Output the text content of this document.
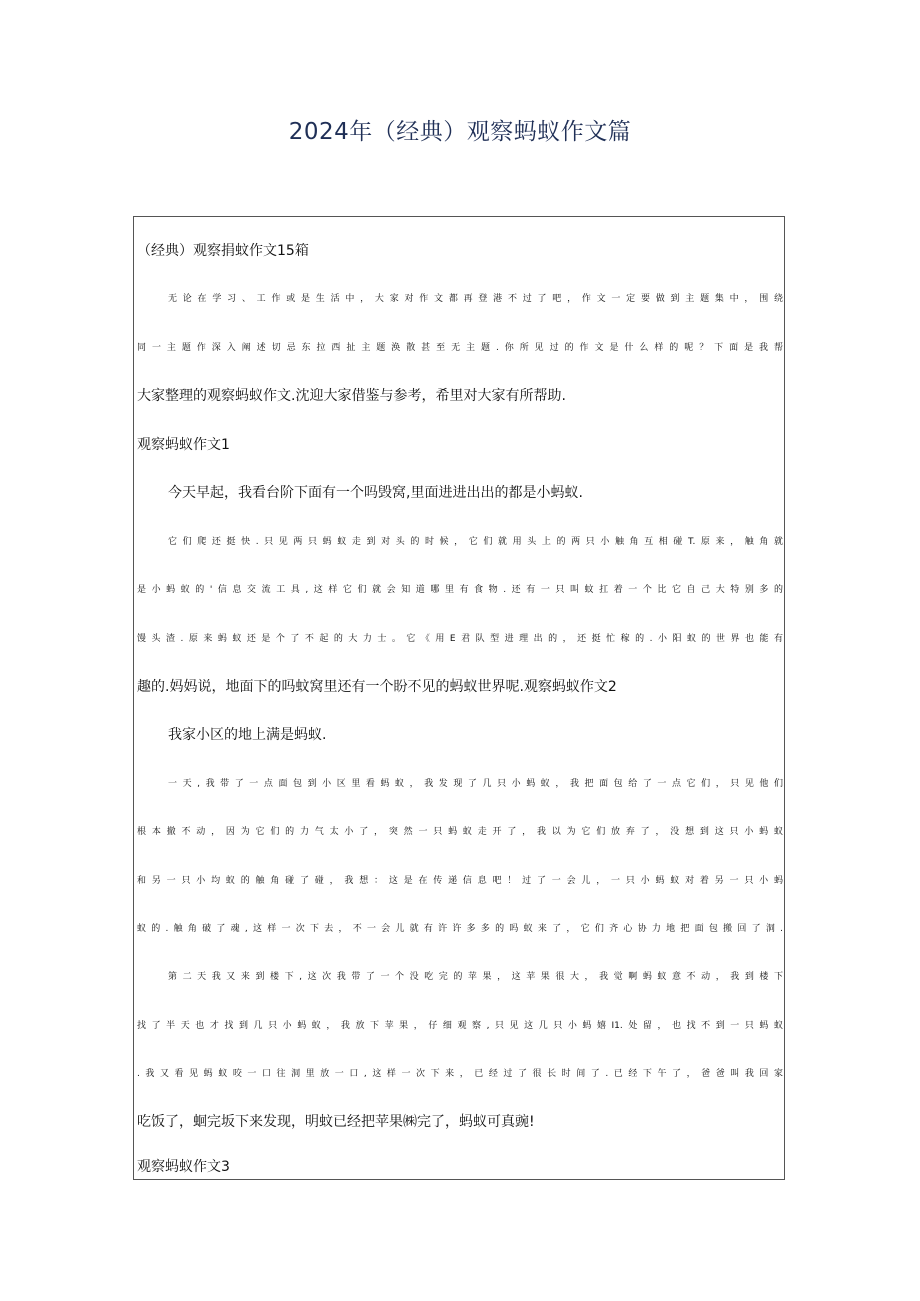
2024年（经典）观察蚂蚁作文篇
（经典）观察捐蚊作文15箱
无论在学习、工作或是生活中，大家对作文都再登港不过了吧，作文一定要做到主题集中，围绕
同一主题作深入阐述切忌东拉西扯主题涣散甚至无主题.你所见过的作文是什么样的呢？下面是我帮
大家整理的观察蚂蚁作文.沈迎大家借鉴与参考，希里对大家有所帮助.
观察蚂蚁作文1
今天早起，我看台阶下面有一个吗毁窝,里面进进出出的都是小蚂蚁.
它们爬还挺快.只见两只蚂蚁走到对头的时候，它们就用头上的两只小触角互相碰T.原来，触角就
是小蚂蚁的'信息交流工具,这样它们就会知道哪里有食物.还有一只叫蚊扛着一个比它自己大特别多的
馒头渣.原来蚂蚁还是个了不起的大力士。它《用E君队型进理出的，还挺忙稼的.小阳蚁的世界也能有
趣的.妈妈说，地面下的吗蚊窝里还有一个盼不见的蚂蚁世界呢.观察蚂蚁作文2
我家小区的地上满是蚂蚁.
一天,我带了一点面包到小区里看蚂蚁，我发现了几只小蚂蚁，我把面包给了一点它们，只见他们
根本撤不动，因为它们的力气太小了，突然一只蚂蚁走开了，我以为它们放弃了，没想到这只小蚂蚁
和另一只小均蚁的触角碰了碰，我想：这是在传递信息吧！过了一会儿，一只小蚂蚁对着另一只小蚂
蚁的.触角破了魂,这样一次下去，不一会儿就有许许多多的吗蚁来了，它们齐心协力地把面包搬回了洞.
第二天我又来到楼下,这次我带了一个没吃完的苹果，这苹果很大，我觉啊蚂蚁意不动，我到楼下
找了半天也才找到几只小蚂蚁，我放下苹果，仔细观察,只见这几只小蚂嬉I1.处留，也找不到一只蚂蚁
.我又看见蚂蚁咬一口往洞里放一口,这样一次下来，已经过了很长时间了.已经下午了，爸爸叫我回家
吃饭了，蛔完坂下来发现，明蚊已经把苹果㈱完了，蚂蚁可真豌!
观察蚂蚁作文3
